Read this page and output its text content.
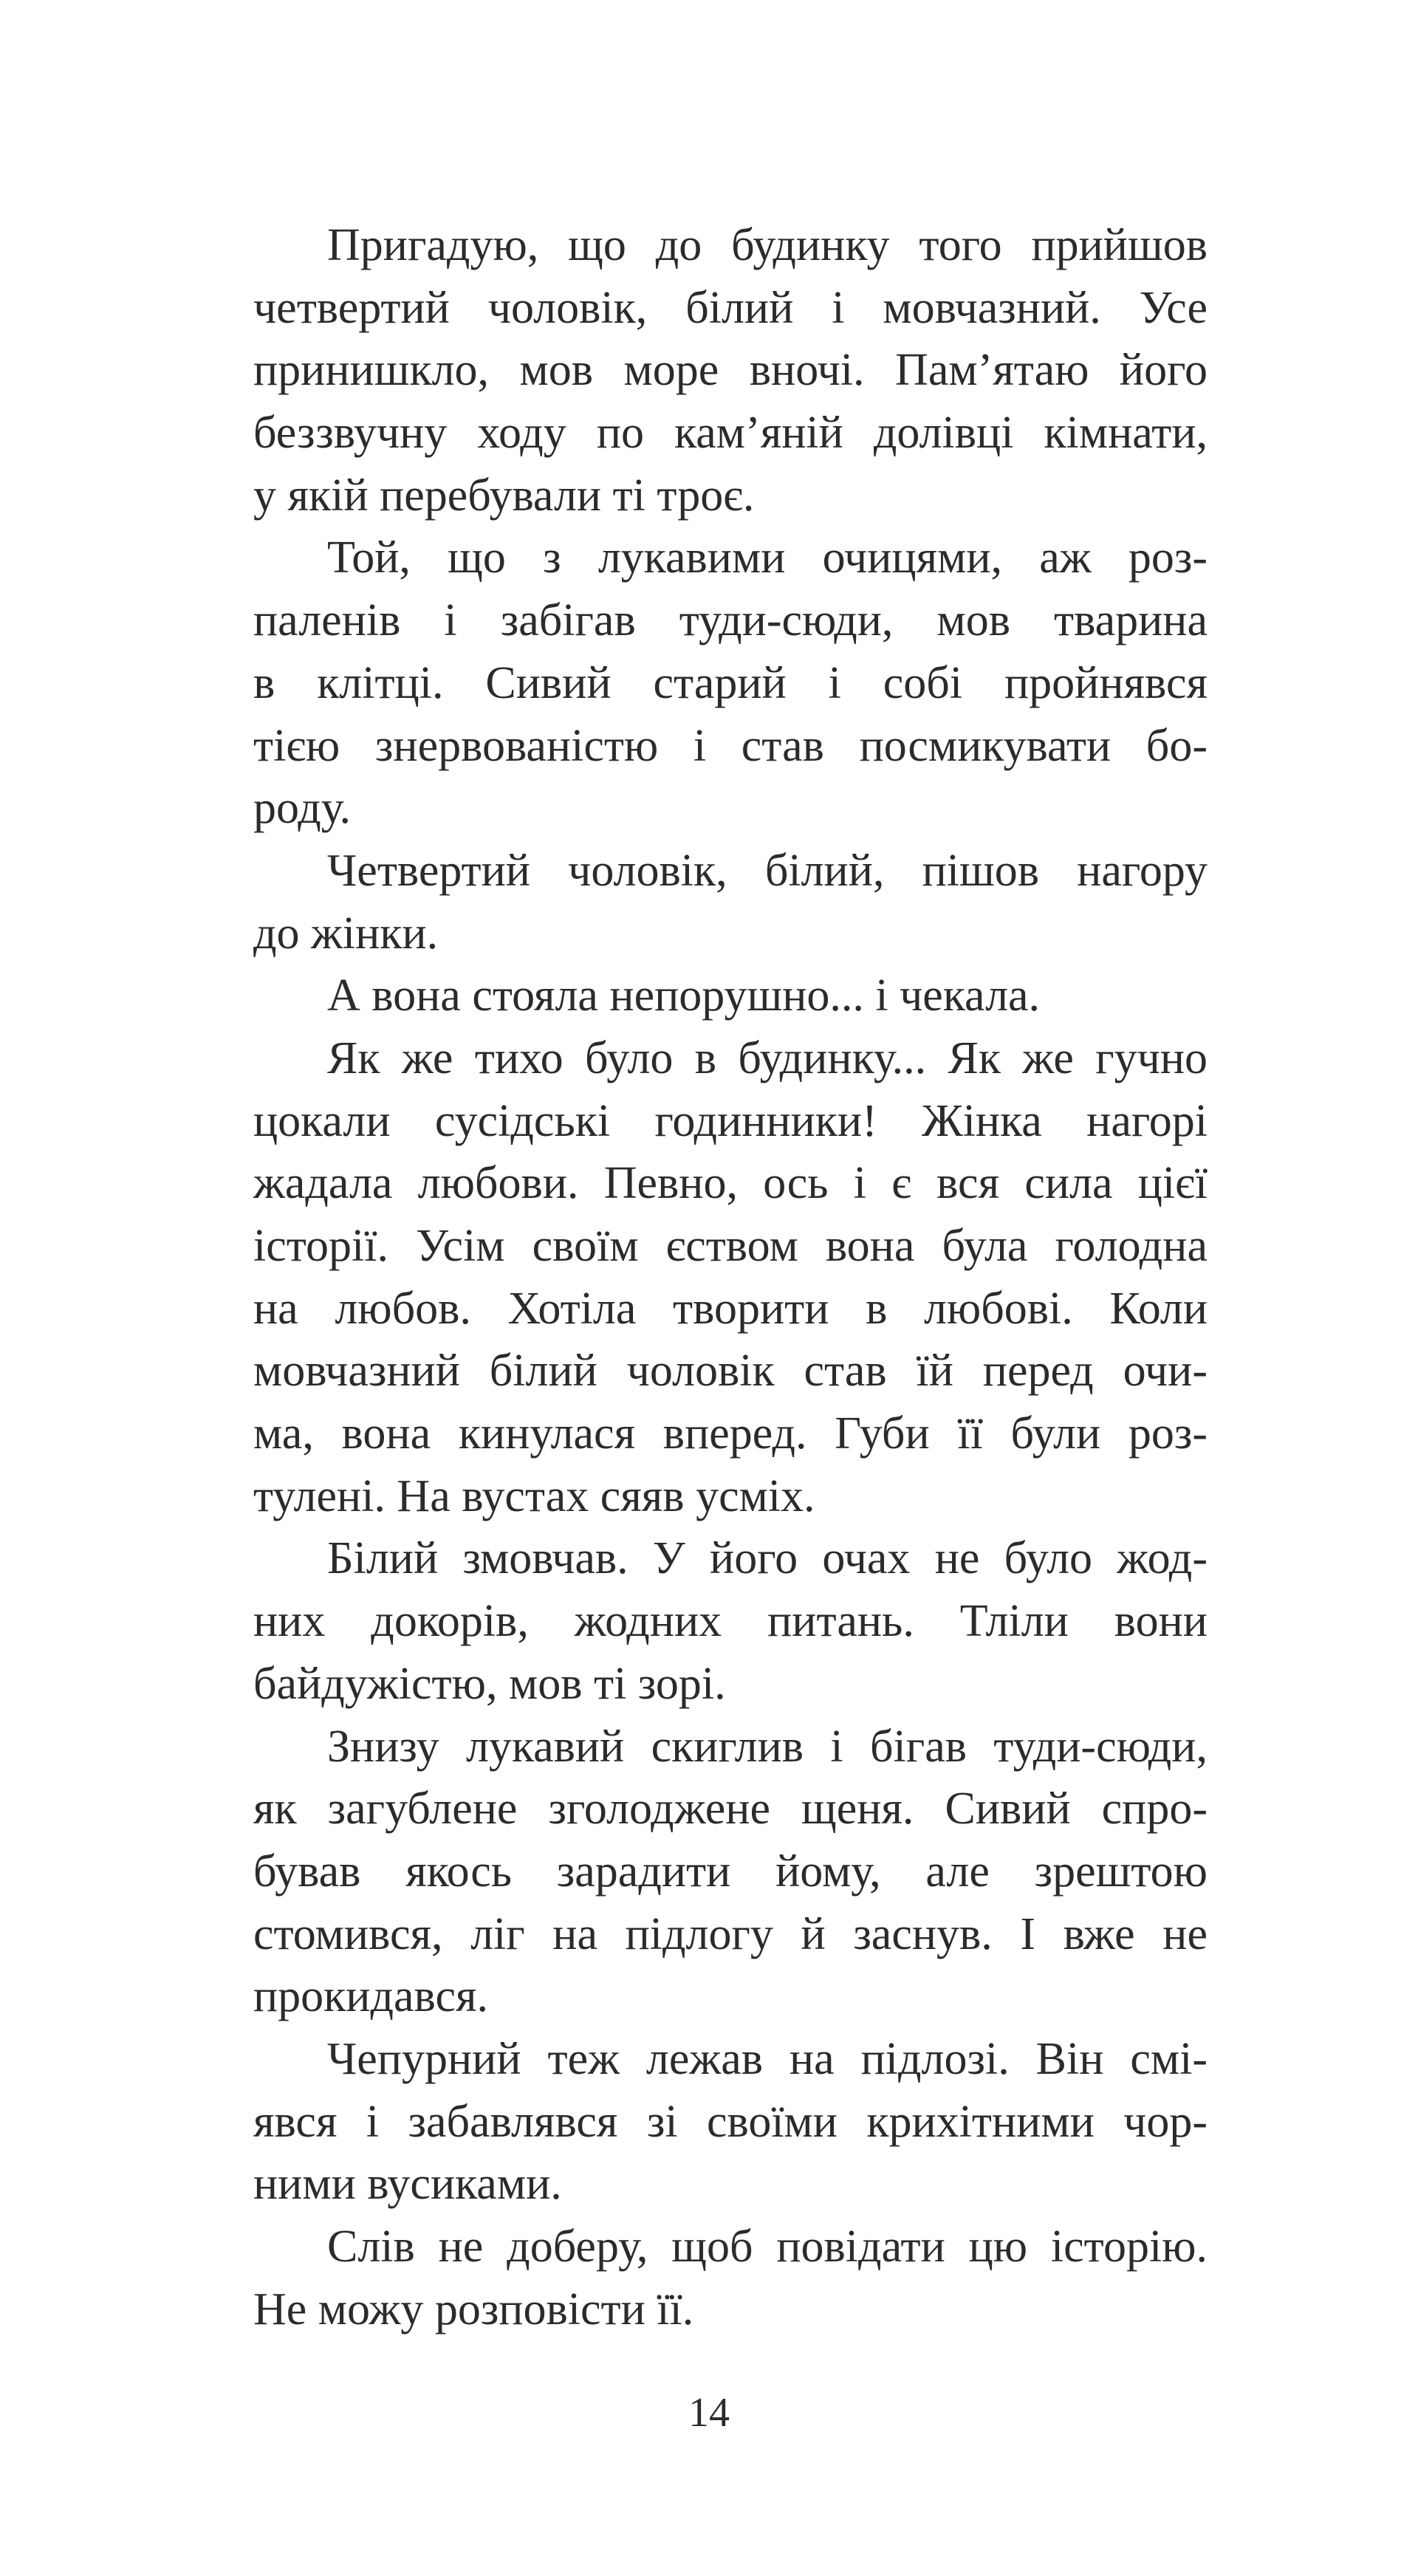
Пригадую, що до будинку того прийшов
четвертий чоловік, білий і мовчазний. Усе
принишкло, мов море вночі. Пам’ятаю його
беззвучну ходу по кам’яній долівці кімнати,
у якій перебували ті троє.
Той, що з лукавими очицями, аж роз-
паленів і забігав туди-сюди, мов тварина
в клітці. Сивий старий і собі пройнявся
тією знервованістю і став посмикувати бо-
роду.
Четвертий чоловік, білий, пішов нагору
до жінки.
А вона стояла непорушно... і чекала.
Як же тихо було в будинку... Як же гучно
цокали сусідські годинники! Жінка нагорі
жадала любови. Певно, ось і є вся сила цієї
історії. Усім своїм єством вона була голодна
на любов. Хотіла творити в любові. Коли
мовчазний білий чоловік став їй перед очи-
ма, вона кинулася вперед. Губи її були роз-
тулені. На вустах сяяв усміх.
Білий змовчав. У його очах не було жод-
них докорів, жодних питань. Тліли вони
байдужістю, мов ті зорі.
Знизу лукавий скиглив і бігав туди-сюди,
як загублене зголоджене щеня. Сивий спро-
бував якось зарадити йому, але зрештою
стомився, ліг на підлогу й заснув. І вже не
прокидався.
Чепурний теж лежав на підлозі. Він смі-
явся і забавлявся зі своїми крихітними чор-
ними вусиками.
Слів не доберу, щоб повідати цю історію.
Не можу розповісти її.
14
